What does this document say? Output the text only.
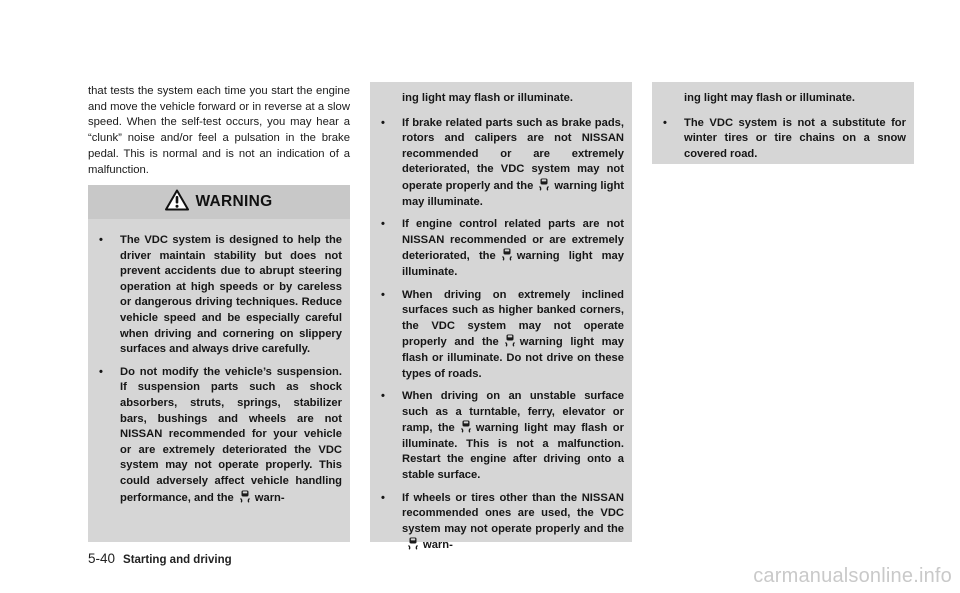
that tests the system each time you start the engine and move the vehicle forward or in reverse at a slow speed. When the self-test occurs, you may hear a “clunk” noise and/or feel a pulsation in the brake pedal. This is normal and is not an indication of a malfunction.

WARNING
• The VDC system is designed to help the driver maintain stability but does not prevent accidents due to abrupt steering operation at high speeds or by careless or dangerous driving techniques. Reduce vehicle speed and be especially careful when driving and cornering on slippery surfaces and always drive carefully.
• Do not modify the vehicle’s suspension. If suspension parts such as shock absorbers, struts, springs, stabilizer bars, bushings and wheels are not NISSAN recommended for your vehicle or are extremely deteriorated the VDC system may not operate properly. This could adversely affect vehicle handling performance, and the warn-
ing light may flash or illuminate.
• If brake related parts such as brake pads, rotors and calipers are not NISSAN recommended or are extremely deteriorated, the VDC system may not operate properly and the warning light may illuminate.
• If engine control related parts are not NISSAN recommended or are extremely deteriorated, the warning light may illuminate.
• When driving on extremely inclined surfaces such as higher banked corners, the VDC system may not operate properly and the warning light may flash or illuminate. Do not drive on these types of roads.
• When driving on an unstable surface such as a turntable, ferry, elevator or ramp, the warning light may flash or illuminate. This is not a malfunction. Restart the engine after driving onto a stable surface.
• If wheels or tires other than the NISSAN recommended ones are used, the VDC system may not operate properly and thewarn-
ing light may flash or illuminate.
• The VDC system is not a substitute for winter tires or tire chains on a snow covered road.
5-40 Starting and driving
carmanualsonline.info
